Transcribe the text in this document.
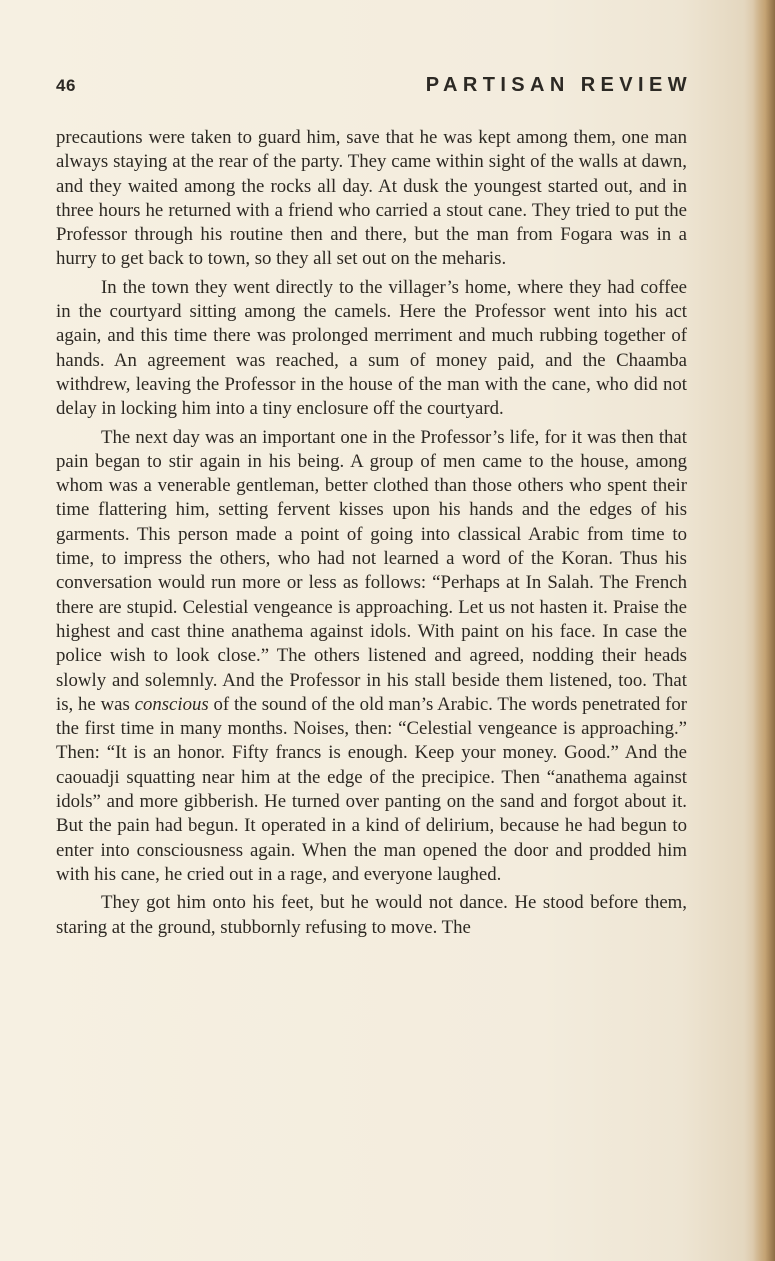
46	PARTISAN REVIEW

precautions were taken to guard him, save that he was kept among them, one man always staying at the rear of the party. They came within sight of the walls at dawn, and they waited among the rocks all day. At dusk the youngest started out, and in three hours he returned with a friend who carried a stout cane. They tried to put the Professor through his routine then and there, but the man from Fogara was in a hurry to get back to town, so they all set out on the meharis.

In the town they went directly to the villager’s home, where they had coffee in the courtyard sitting among the camels. Here the Professor went into his act again, and this time there was prolonged merriment and much rubbing together of hands. An agreement was reached, a sum of money paid, and the Chaamba withdrew, leaving the Professor in the house of the man with the cane, who did not delay in locking him into a tiny enclosure off the courtyard.

The next day was an important one in the Professor’s life, for it was then that pain began to stir again in his being. A group of men came to the house, among whom was a venerable gentleman, better clothed than those others who spent their time flattering him, setting fervent kisses upon his hands and the edges of his garments. This person made a point of going into classical Arabic from time to time, to impress the others, who had not learned a word of the Koran. Thus his conversation would run more or less as follows: “Perhaps at In Salah. The French there are stupid. Celestial vengeance is approaching. Let us not hasten it. Praise the highest and cast thine anathema against idols. With paint on his face. In case the police wish to look close.” The others listened and agreed, nodding their heads slowly and solemnly. And the Professor in his stall beside them listened, too. That is, he was conscious of the sound of the old man’s Arabic. The words penetrated for the first time in many months. Noises, then: “Celestial vengeance is approaching.” Then: “It is an honor. Fifty francs is enough. Keep your money. Good.” And the caouadji squatting near him at the edge of the precipice. Then “anathema against idols” and more gibberish. He turned over panting on the sand and forgot about it. But the pain had begun. It operated in a kind of delirium, because he had begun to enter into consciousness again. When the man opened the door and prodded him with his cane, he cried out in a rage, and everyone laughed.

They got him onto his feet, but he would not dance. He stood before them, staring at the ground, stubbornly refusing to move. The
